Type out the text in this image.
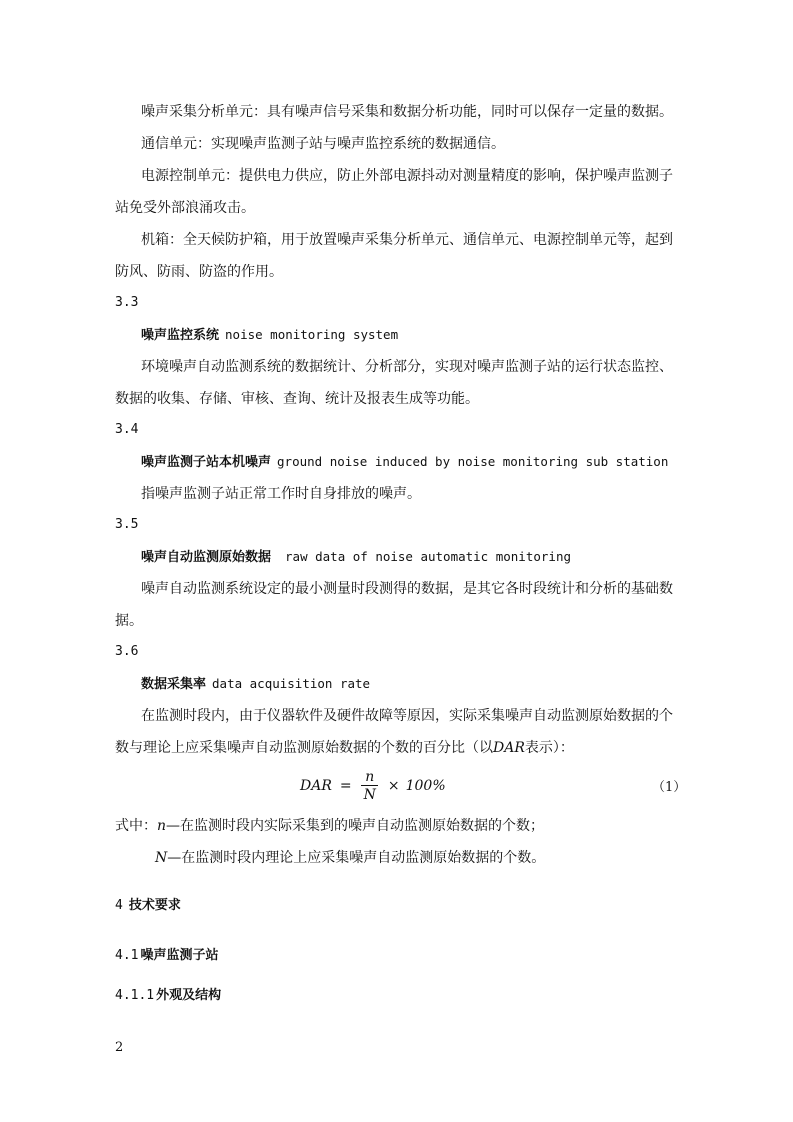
噪声采集分析单元：具有噪声信号采集和数据分析功能，同时可以保存一定量的数据。
通信单元：实现噪声监测子站与噪声监控系统的数据通信。
电源控制单元：提供电力供应，防止外部电源抖动对测量精度的影响，保护噪声监测子
站免受外部浪涌攻击。
机箱：全天候防护箱，用于放置噪声采集分析单元、通信单元、电源控制单元等，起到
防风、防雨、防盗的作用。
3.3
噪声监控系统 noise monitoring system
环境噪声自动监测系统的数据统计、分析部分，实现对噪声监测子站的运行状态监控、
数据的收集、存储、审核、查询、统计及报表生成等功能。
3.4
噪声监测子站本机噪声 ground noise induced by noise monitoring sub station
指噪声监测子站正常工作时自身排放的噪声。
3.5
噪声自动监测原始数据 raw data of noise automatic monitoring
噪声自动监测系统设定的最小测量时段测得的数据，是其它各时段统计和分析的基础数
据。
3.6
数据采集率 data acquisition rate
在监测时段内，由于仪器软件及硬件故障等原因，实际采集噪声自动监测原始数据的个
数与理论上应采集噪声自动监测原始数据的个数的百分比（以DAR表示）：
DAR = $\frac{n}{N} \times 100\%$	（1）
式中：n—在监测时段内实际采集到的噪声自动监测原始数据的个数；
N—在监测时段内理论上应采集噪声自动监测原始数据的个数。
4 技术要求
4.1 噪声监测子站
4.1.1 外观及结构
2
